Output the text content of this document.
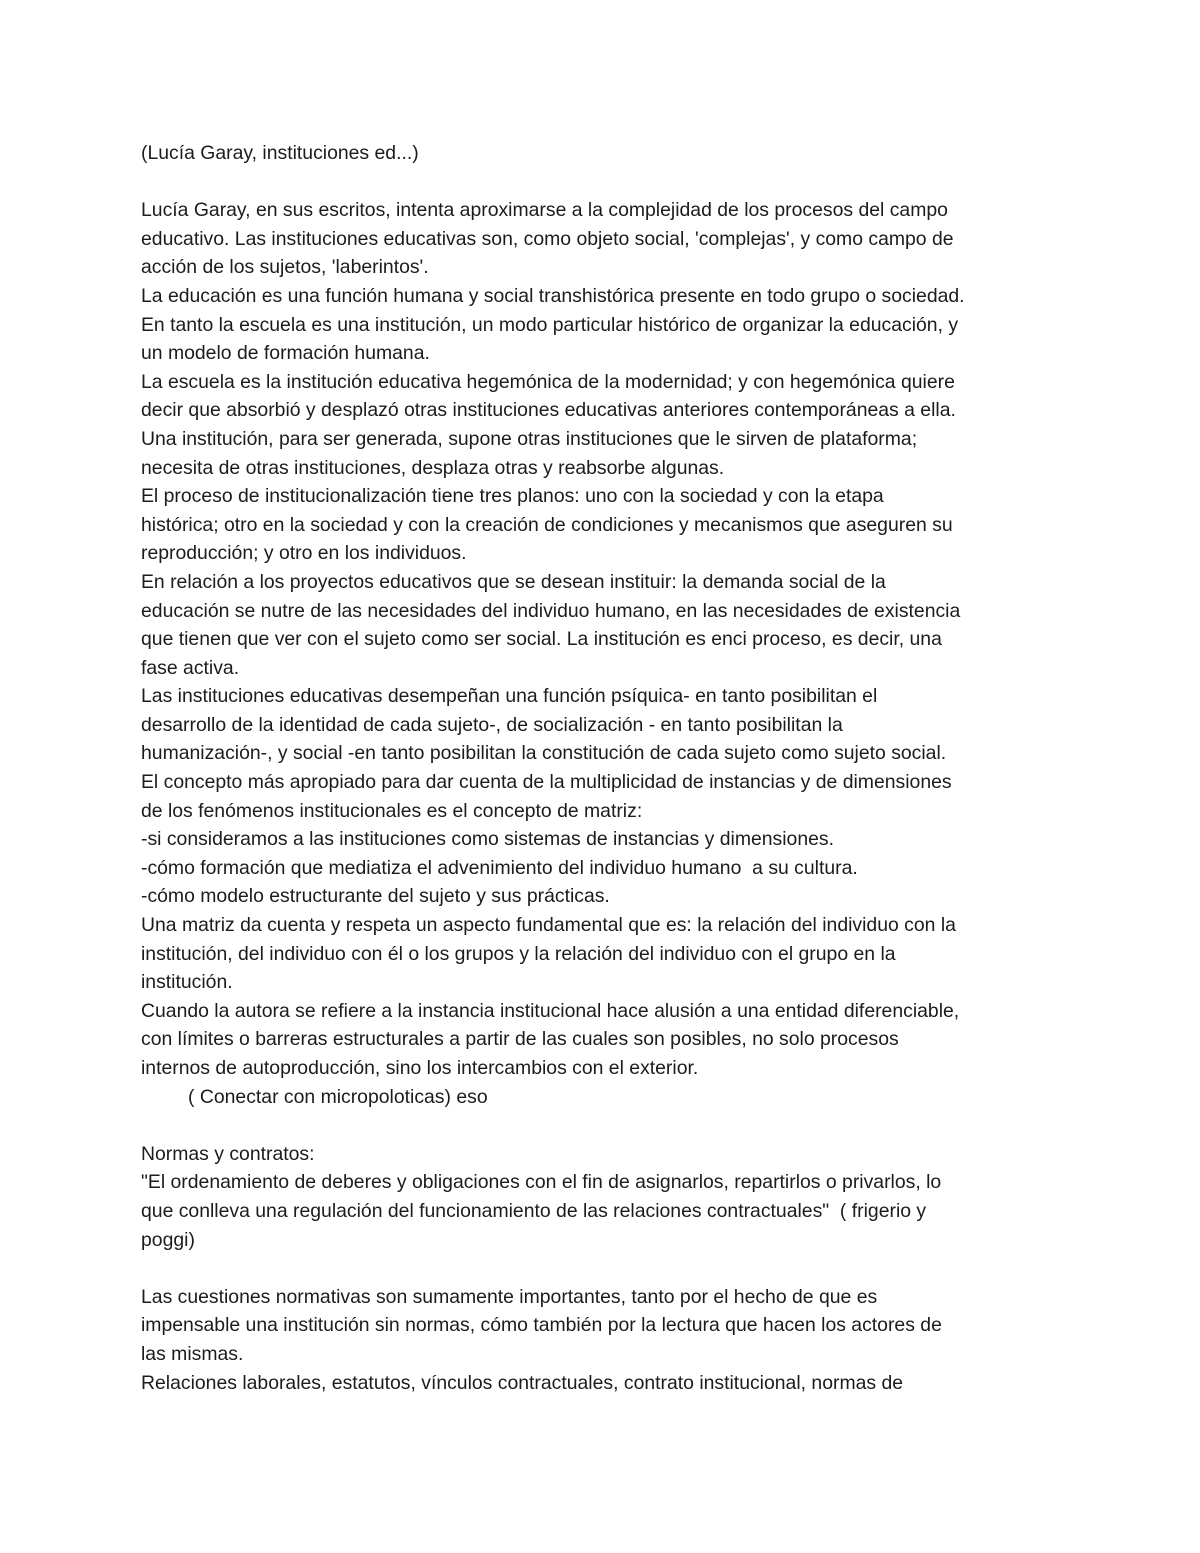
(Lucía Garay, instituciones ed...)
Lucía Garay, en sus escritos, intenta aproximarse a la complejidad de los procesos del campo
educativo. Las instituciones educativas son, como objeto social, 'complejas', y como campo de
acción de los sujetos, 'laberintos'.
La educación es una función humana y social transhistórica presente en todo grupo o sociedad.
En tanto la escuela es una institución, un modo particular histórico de organizar la educación, y
un modelo de formación humana.
La escuela es la institución educativa hegemónica de la modernidad; y con hegemónica quiere
decir que absorbió y desplazó otras instituciones educativas anteriores contemporáneas a ella.
Una institución, para ser generada, supone otras instituciones que le sirven de plataforma;
necesita de otras instituciones, desplaza otras y reabsorbe algunas.
El proceso de institucionalización tiene tres planos: uno con la sociedad y con la etapa
histórica; otro en la sociedad y con la creación de condiciones y mecanismos que aseguren su
reproducción; y otro en los individuos.
En relación a los proyectos educativos que se desean instituir: la demanda social de la
educación se nutre de las necesidades del individuo humano, en las necesidades de existencia
que tienen que ver con el sujeto como ser social. La institución es enci proceso, es decir, una
fase activa.
Las instituciones educativas desempeñan una función psíquica- en tanto posibilitan el
desarrollo de la identidad de cada sujeto-, de socialización - en tanto posibilitan la
humanización-, y social -en tanto posibilitan la constitución de cada sujeto como sujeto social.
El concepto más apropiado para dar cuenta de la multiplicidad de instancias y de dimensiones
de los fenómenos institucionales es el concepto de matriz:
-si consideramos a las instituciones como sistemas de instancias y dimensiones.
-cómo formación que mediatiza el advenimiento del individuo humano  a su cultura.
-cómo modelo estructurante del sujeto y sus prácticas.
Una matriz da cuenta y respeta un aspecto fundamental que es: la relación del individuo con la
institución, del individuo con él o los grupos y la relación del individuo con el grupo en la
institución.
Cuando la autora se refiere a la instancia institucional hace alusión a una entidad diferenciable,
con límites o barreras estructurales a partir de las cuales son posibles, no solo procesos
internos de autoproducción, sino los intercambios con el exterior.
( Conectar con micropoloticas) eso
Normas y contratos:
"El ordenamiento de deberes y obligaciones con el fin de asignarlos, repartirlos o privarlos, lo
que conlleva una regulación del funcionamiento de las relaciones contractuales"  ( frigerio y
poggi)
Las cuestiones normativas son sumamente importantes, tanto por el hecho de que es
impensable una institución sin normas, cómo también por la lectura que hacen los actores de
las mismas.
Relaciones laborales, estatutos, vínculos contractuales, contrato institucional, normas de
